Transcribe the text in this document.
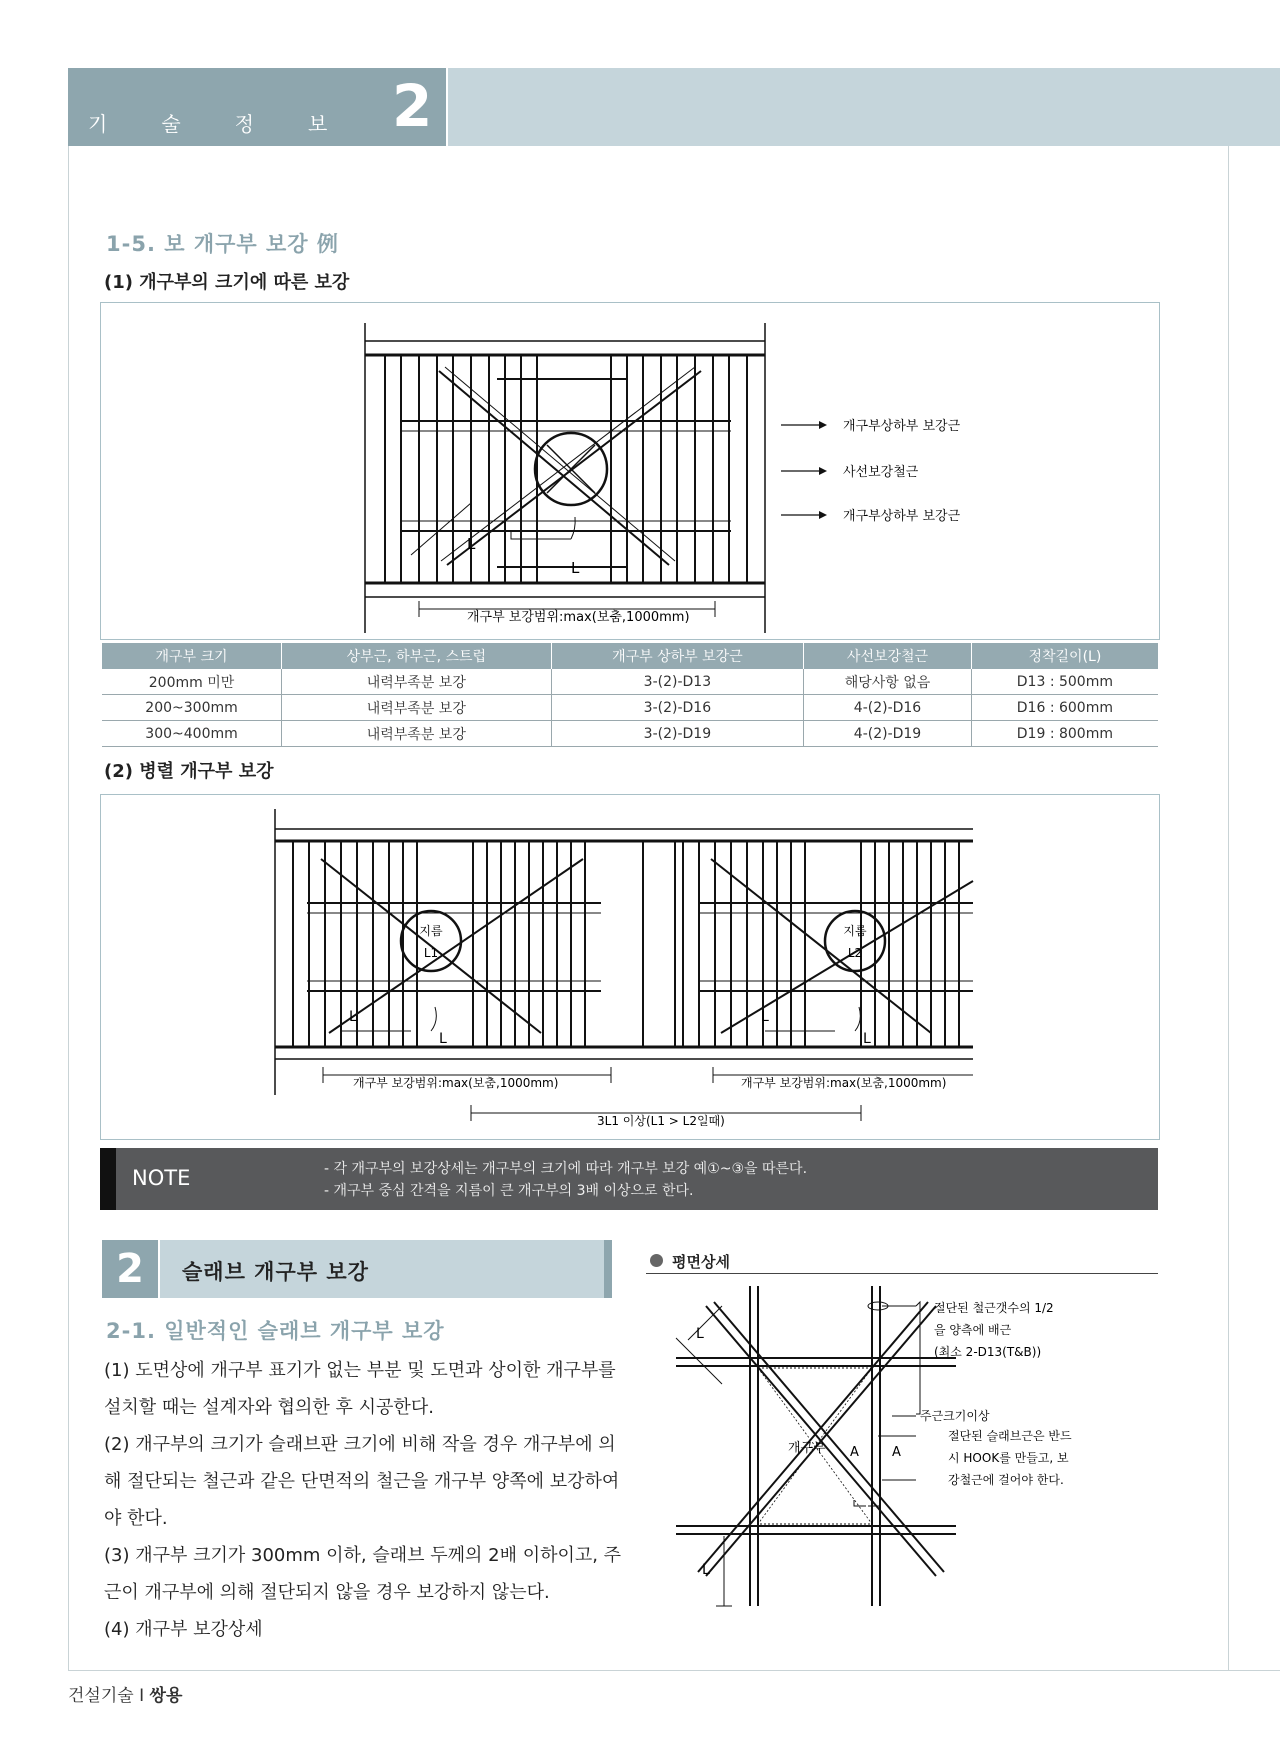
기	술	정	보 2
1-5. 보 개구부 보강 例
(1) 개구부의 크기에 따른 보강
개구부상하부 보강근
사선보강철근
개구부상하부 보강근
개구부 보강범위:max(보춤,1000mm)
L
L
개구부 크기	상부근, 하부근, 스트럽	개구부 상하부 보강근	사선보강철근	정착길이(L)
200mm 미만	내력부족분 보강	3-(2)-D13	해당사항 없음	D13 : 500mm
200~300mm	내력부족분 보강	3-(2)-D16	4-(2)-D16	D16 : 600mm
300~400mm	내력부족분 보강	3-(2)-D19	4-(2)-D19	D19 : 800mm
(2) 병렬 개구부 보강
지름
L1
지름
L2
L
L
L
L
개구부 보강범위:max(보춤,1000mm)	개구부 보강범위:max(보춤,1000mm)
3L1 이상(L1 > L2일때)
NOTE	- 각 개구부의 보강상세는 개구부의 크기에 따라 개구부 보강 예①~③을 따른다.
- 개구부 중심 간격을 지름이 큰 개구부의 3배 이상으로 한다.
2	슬래브 개구부 보강
2-1. 일반적인 슬래브 개구부 보강

(1) 도면상에 개구부 표기가 없는 부분 및 도면과 상이한 개구부를 설치할 때는 설계자와 협의한 후 시공한다.

(2) 개구부의 크기가 슬래브판 크기에 비해 작을 경우 개구부에 의해 절단되는 철근과 같은 단면적의 철근을 개구부 양쪽에 보강하여야 한다.

(3) 개구부 크기가 300mm 이하, 슬래브 두께의 2배 이하이고, 주근이 개구부에 의해 절단되지 않을 경우 보강하지 않는다.

(4) 개구부 보강상세

평면상세
L
L
개구부 A	A
절단된 철근갯수의 1/2
을 양측에 배근
(최소 2-D13(T&B))
주근크기이상
절단된 슬래브근은 반드
시 HOOK를 만들고, 보
강철근에 걸어야 한다.
건설기술 I 쌍용
